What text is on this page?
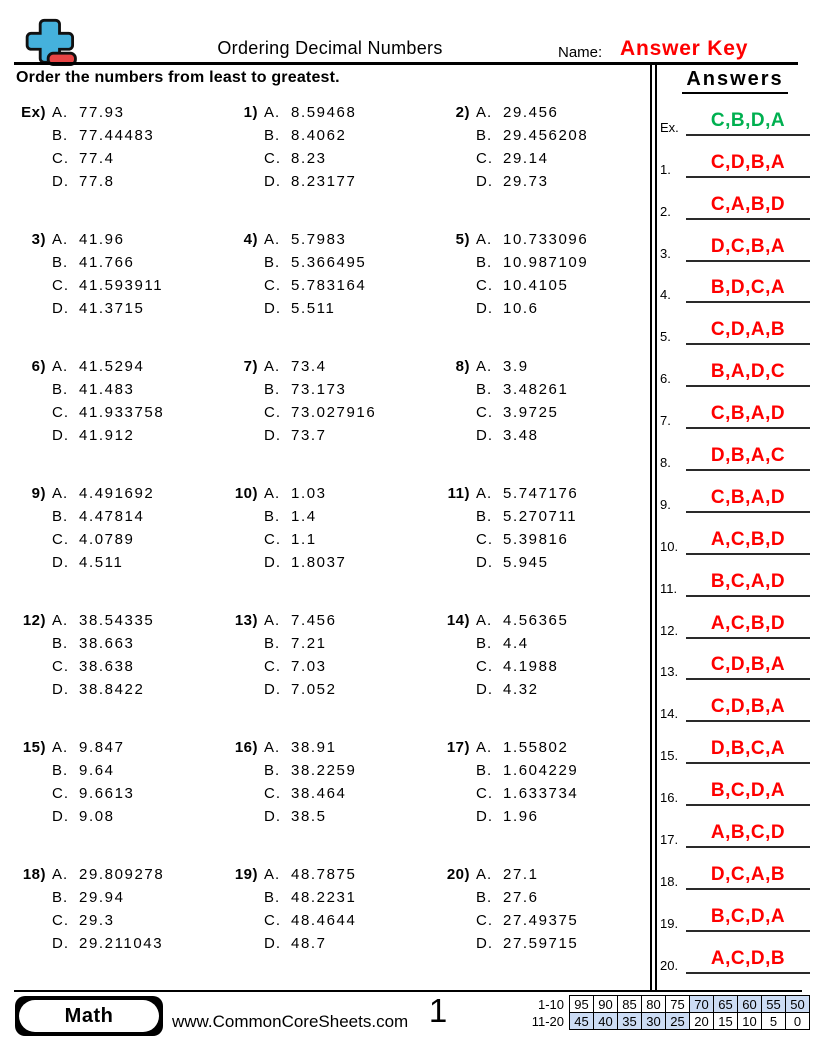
Ordering Decimal Numbers	Name: Answer Key
Order the numbers from least to greatest.
Ex) A. 77.93
B. 77.44483
C. 77.4
D. 77.8
1) A. 8.59468
B. 8.4062
C. 8.23
D. 8.23177
2) A. 29.456
B. 29.456208
C. 29.14
D. 29.73
3) A. 41.96
B. 41.766
C. 41.593911
D. 41.3715
4) A. 5.7983
B. 5.366495
C. 5.783164
D. 5.511
5) A. 10.733096
B. 10.987109
C. 10.4105
D. 10.6
6) A. 41.5294
B. 41.483
C. 41.933758
D. 41.912
7) A. 73.4
B. 73.173
C. 73.027916
D. 73.7
8) A. 3.9
B. 3.48261
C. 3.9725
D. 3.48
9) A. 4.491692
B. 4.47814
C. 4.0789
D. 4.511
10) A. 1.03
B. 1.4
C. 1.1
D. 1.8037
11) A. 5.747176
B. 5.270711
C. 5.39816
D. 5.945
12) A. 38.54335
B. 38.663
C. 38.638
D. 38.8422
13) A. 7.456
B. 7.21
C. 7.03
D. 7.052
14) A. 4.56365
B. 4.4
C. 4.1988
D. 4.32
15) A. 9.847
B. 9.64
C. 9.6613
D. 9.08
16) A. 38.91
B. 38.2259
C. 38.464
D. 38.5
17) A. 1.55802
B. 1.604229
C. 1.633734
D. 1.96
18) A. 29.809278
B. 29.94
C. 29.3
D. 29.211043
19) A. 48.7875
B. 48.2231
C. 48.4644
D. 48.7
20) A. 27.1
B. 27.6
C. 27.49375
D. 27.59715
Answers
Ex.	C,B,D,A
1.	C,D,B,A
2.	C,A,B,D
3.	D,C,B,A
4.	B,D,C,A
5.	C,D,A,B
6.	B,A,D,C
7.	C,B,A,D
8.	D,B,A,C
9.	C,B,A,D
10.	A,C,B,D
11.	B,C,A,D
12.	A,C,B,D
13.	C,D,B,A
14.	C,D,B,A
15.	D,B,C,A
16.	B,C,D,A
17.	A,B,C,D
18.	D,C,A,B
19.	B,C,D,A
20.	A,C,D,B
Math	www.CommonCoreSheets.com 1	1-10	95	90	85	80	75	70	65	60	55	50
11-20	45	40	35	30	25	20	15	10	5	0
